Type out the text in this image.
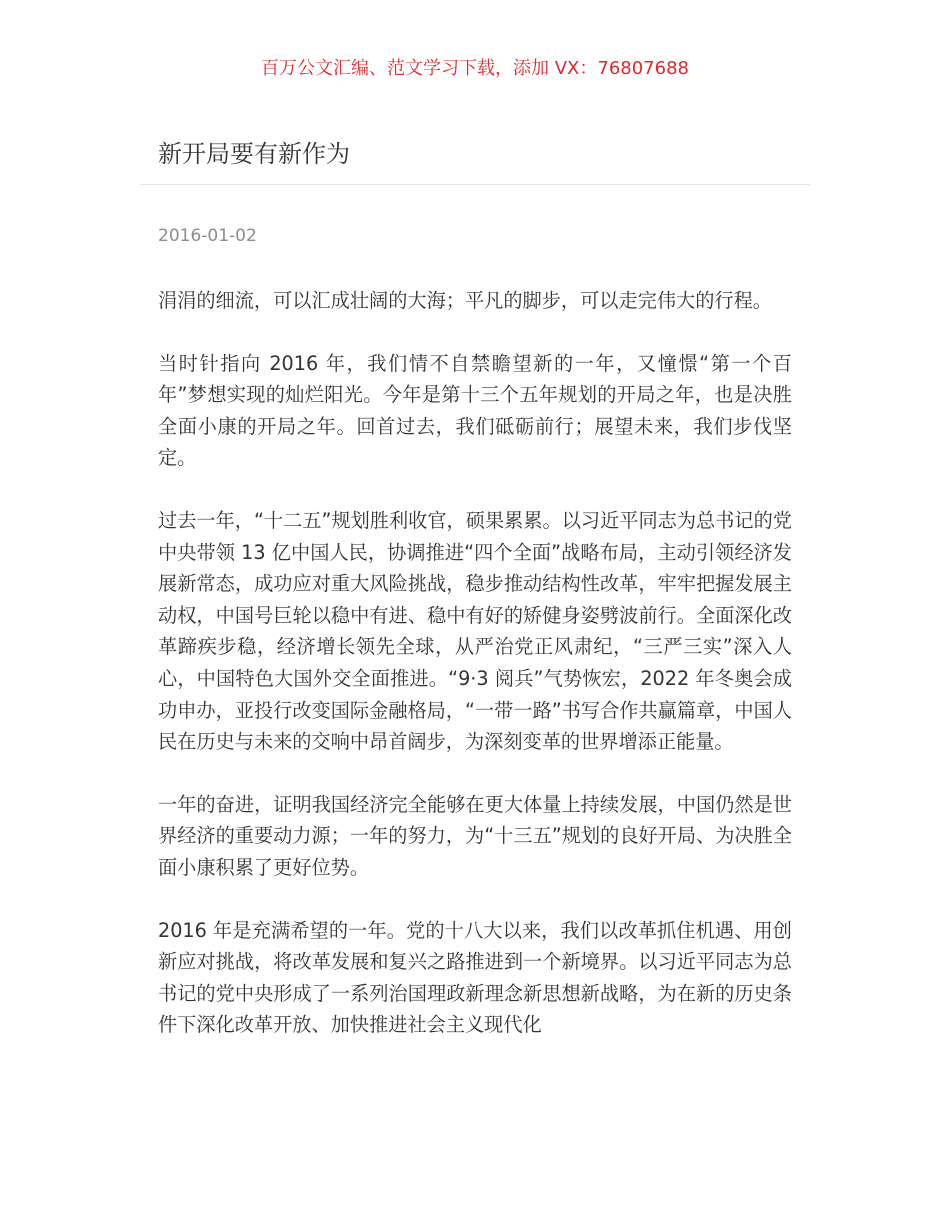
百万公文汇编、范文学习下载，添加 VX：76807688
新开局要有新作为
2016-01-02

涓涓的细流，可以汇成壮阔的大海；平凡的脚步，可以走完伟大的行程。

当时针指向 2016 年，我们情不自禁瞻望新的一年，又憧憬“第一个百年”梦想实现的灿烂阳光。今年是第十三个五年规划的开局之年，也是决胜全面小康的开局之年。回首过去，我们砥砺前行；展望未来，我们步伐坚定。

过去一年，“十二五”规划胜利收官，硕果累累。以习近平同志为总书记的党中央带领 13 亿中国人民，协调推进“四个全面”战略布局，主动引领经济发展新常态，成功应对重大风险挑战，稳步推动结构性改革，牢牢把握发展主动权，中国号巨轮以稳中有进、稳中有好的矫健身姿劈波前行。全面深化改革蹄疾步稳，经济增长领先全球，从严治党正风肃纪，“三严三实”深入人心，中国特色大国外交全面推进。“9·3 阅兵”气势恢宏，2022 年冬奥会成功申办，亚投行改变国际金融格局，“一带一路”书写合作共赢篇章，中国人民在历史与未来的交响中昂首阔步，为深刻变革的世界增添正能量。

一年的奋进，证明我国经济完全能够在更大体量上持续发展，中国仍然是世界经济的重要动力源；一年的努力，为“十三五”规划的良好开局、为决胜全面小康积累了更好位势。

2016 年是充满希望的一年。党的十八大以来，我们以改革抓住机遇、用创新应对挑战，将改革发展和复兴之路推进到一个新境界。以习近平同志为总书记的党中央形成了一系列治国理政新理念新思想新战略，为在新的历史条件下深化改革开放、加快推进社会主义现代化
